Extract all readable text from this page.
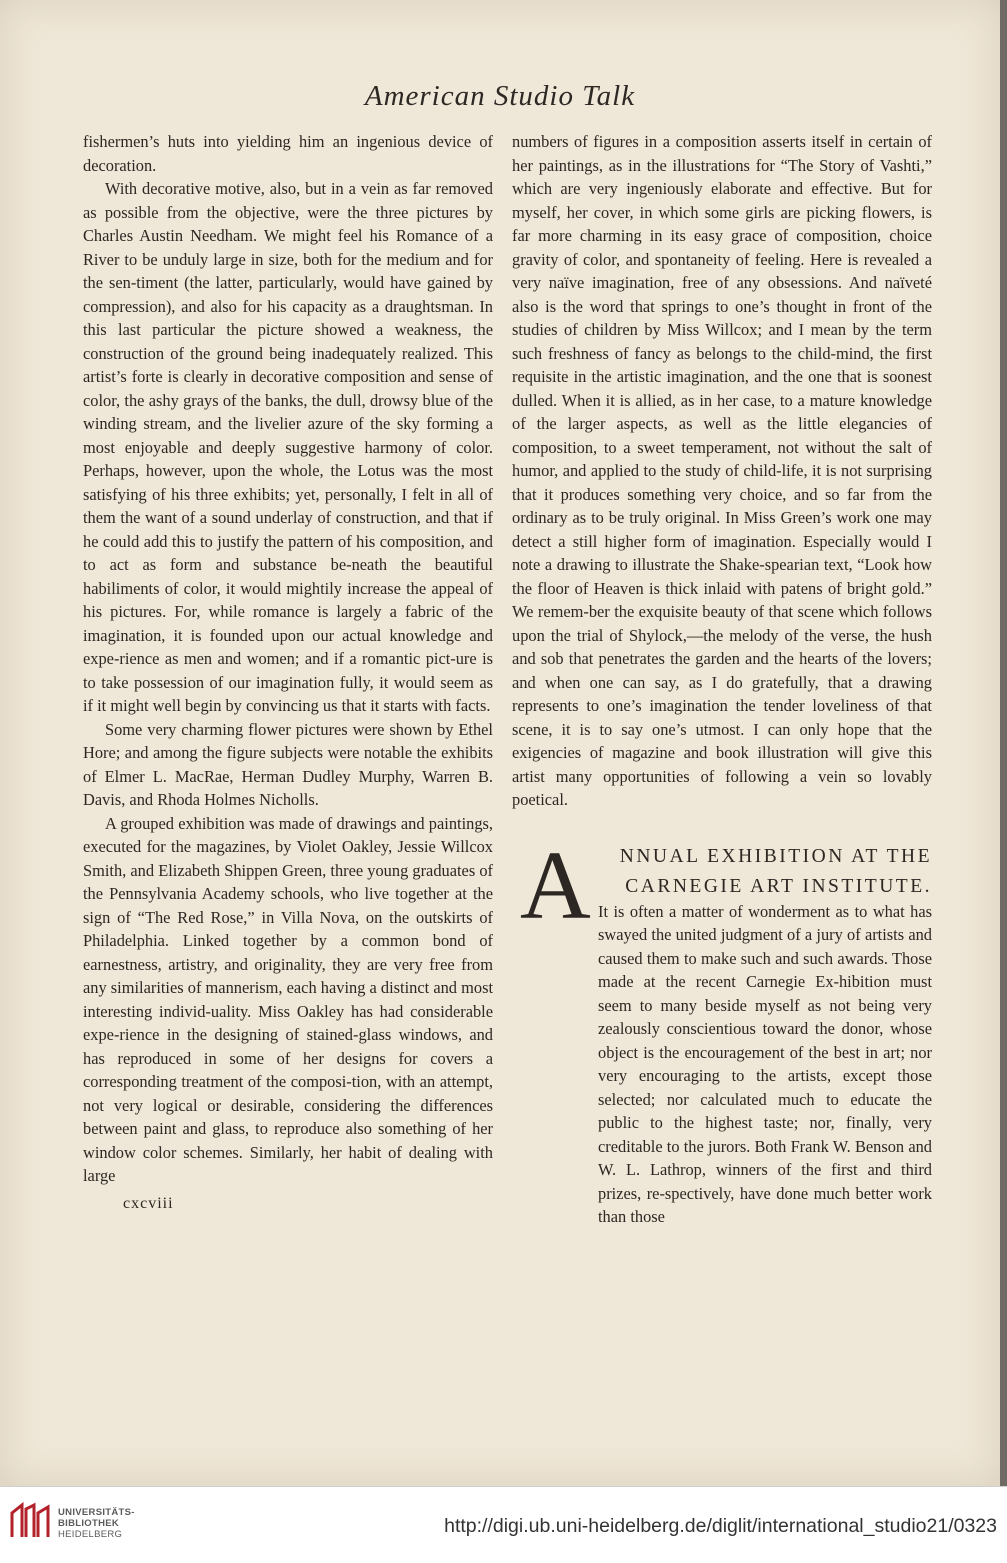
American Studio Talk

fishermen’s huts into yielding him an ingenious device of decoration.

With decorative motive, also, but in a vein as far removed as possible from the objective, were the three pictures by Charles Austin Needham. We might feel his Romance of a River to be unduly large in size, both for the medium and for the sen-timent (the latter, particularly, would have gained by compression), and also for his capacity as a draughtsman. In this last particular the picture showed a weakness, the construction of the ground being inadequately realized. This artist’s forte is clearly in decorative composition and sense of color, the ashy grays of the banks, the dull, drowsy blue of the winding stream, and the livelier azure of the sky forming a most enjoyable and deeply suggestive harmony of color. Perhaps, however, upon the whole, the Lotus was the most satisfying of his three exhibits; yet, personally, I felt in all of them the want of a sound underlay of construction, and that if he could add this to justify the pattern of his composition, and to act as form and substance be-neath the beautiful habiliments of color, it would mightily increase the appeal of his pictures. For, while romance is largely a fabric of the imagination, it is founded upon our actual knowledge and expe-rience as men and women; and if a romantic pict-ure is to take possession of our imagination fully, it would seem as if it might well begin by convincing us that it starts with facts.

Some very charming flower pictures were shown by Ethel Hore; and among the figure subjects were notable the exhibits of Elmer L. MacRae, Herman Dudley Murphy, Warren B. Davis, and Rhoda Holmes Nicholls.

A grouped exhibition was made of drawings and paintings, executed for the magazines, by Violet Oakley, Jessie Willcox Smith, and Elizabeth Shippen Green, three young graduates of the Pennsylvania Academy schools, who live together at the sign of “The Red Rose,” in Villa Nova, on the outskirts of Philadelphia. Linked together by a common bond of earnestness, artistry, and originality, they are very free from any similarities of mannerism, each having a distinct and most interesting individ-uality. Miss Oakley has had considerable expe-rience in the designing of stained-glass windows, and has reproduced in some of her designs for covers a corresponding treatment of the composi-tion, with an attempt, not very logical or desirable, considering the differences between paint and glass, to reproduce also something of her window color schemes. Similarly, her habit of dealing with large

cxcviii

numbers of figures in a composition asserts itself in certain of her paintings, as in the illustrations for “The Story of Vashti,” which are very ingeniously elaborate and effective. But for myself, her cover, in which some girls are picking flowers, is far more charming in its easy grace of composition, choice gravity of color, and spontaneity of feeling. Here is revealed a very naïve imagination, free of any obsessions. And naïveté also is the word that springs to one’s thought in front of the studies of children by Miss Willcox; and I mean by the term such freshness of fancy as belongs to the child-mind, the first requisite in the artistic imagination, and the one that is soonest dulled. When it is allied, as in her case, to a mature knowledge of the larger aspects, as well as the little elegancies of composition, to a sweet temperament, not without the salt of humor, and applied to the study of child-life, it is not surprising that it produces something very choice, and so far from the ordinary as to be truly original. In Miss Green’s work one may detect a still higher form of imagination. Especially would I note a drawing to illustrate the Shake-spearian text, “Look how the floor of Heaven is thick inlaid with patens of bright gold.” We remem-ber the exquisite beauty of that scene which follows upon the trial of Shylock,—the melody of the verse, the hush and sob that penetrates the garden and the hearts of the lovers; and when one can say, as I do gratefully, that a drawing represents to one’s imagination the tender loveliness of that scene, it is to say one’s utmost. I can only hope that the exigencies of magazine and book illustration will give this artist many opportunities of following a vein so lovably poetical.

A	NNUAL EXHIBITION AT THE
CARNEGIE ART INSTITUTE.

It is often a matter of wonderment as to what has swayed the united judgment of a jury of artists and caused them to make such and such awards. Those made at the recent Carnegie Ex-hibition must seem to many beside myself as not being very zealously conscientious toward the donor, whose object is the encouragement of the best in art; nor very encouraging to the artists, except those selected; nor calculated much to educate the public to the highest taste; nor, finally, very creditable to the jurors. Both Frank W. Benson and W. L. Lathrop, winners of the first and third prizes, re-spectively, have done much better work than those

UNIVERSITÄTS-
BIBLIOTHEK
HEIDELBERG	http://digi.ub.uni-heidelberg.de/diglit/international_studio21/0323
